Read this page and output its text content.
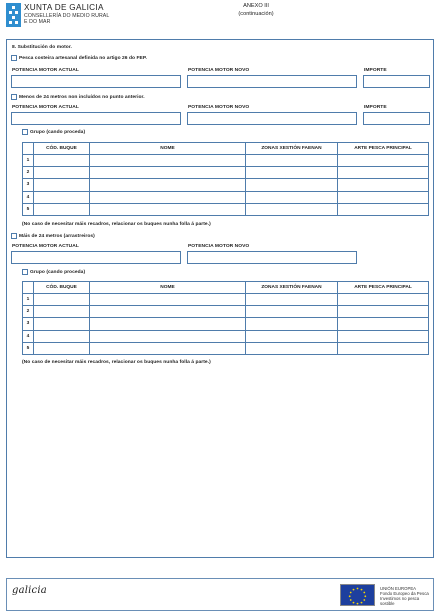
XUNTA DE GALICIA
CONSELLERÍA DO MEDIO RURAL
E DO MAR
ANEXO III
(continuación)
8. Substitución do motor.
Pesca costeira artesanal definida no artigo 26 do FEP.
POTENCIA MOTOR ACTUAL	POTENCIA MOTOR NOVO	IMPORTE
Menos de 24 metros non incluídos no punto anterior.
POTENCIA MOTOR ACTUAL	POTENCIA MOTOR NOVO	IMPORTE
Grupo (cando proceda)
	CÓD. BUQUE	NOME	ZONAS XESTIÓN FAENAN	ARTE PESCA PRINCIPAL
1				
2				
3				
4				
5				
(No caso de necesitar máis recadros, relacionar os buques nunha folla á parte.)
Máis de 24 metros (arrastreiros)
POTENCIA MOTOR ACTUAL	POTENCIA MOTOR NOVO
Grupo (cando proceda)
	CÓD. BUQUE	NOME	ZONAS XESTIÓN FAENAN	ARTE PESCA PRINCIPAL
1				
2				
3				
4				
5				
(No caso de necesitar máis recadros, relacionar os buques nunha folla á parte.)
galicia	UNIÓN EUROPEA
Fondo Europeo da Pesca
Investimos no pesca sostible
